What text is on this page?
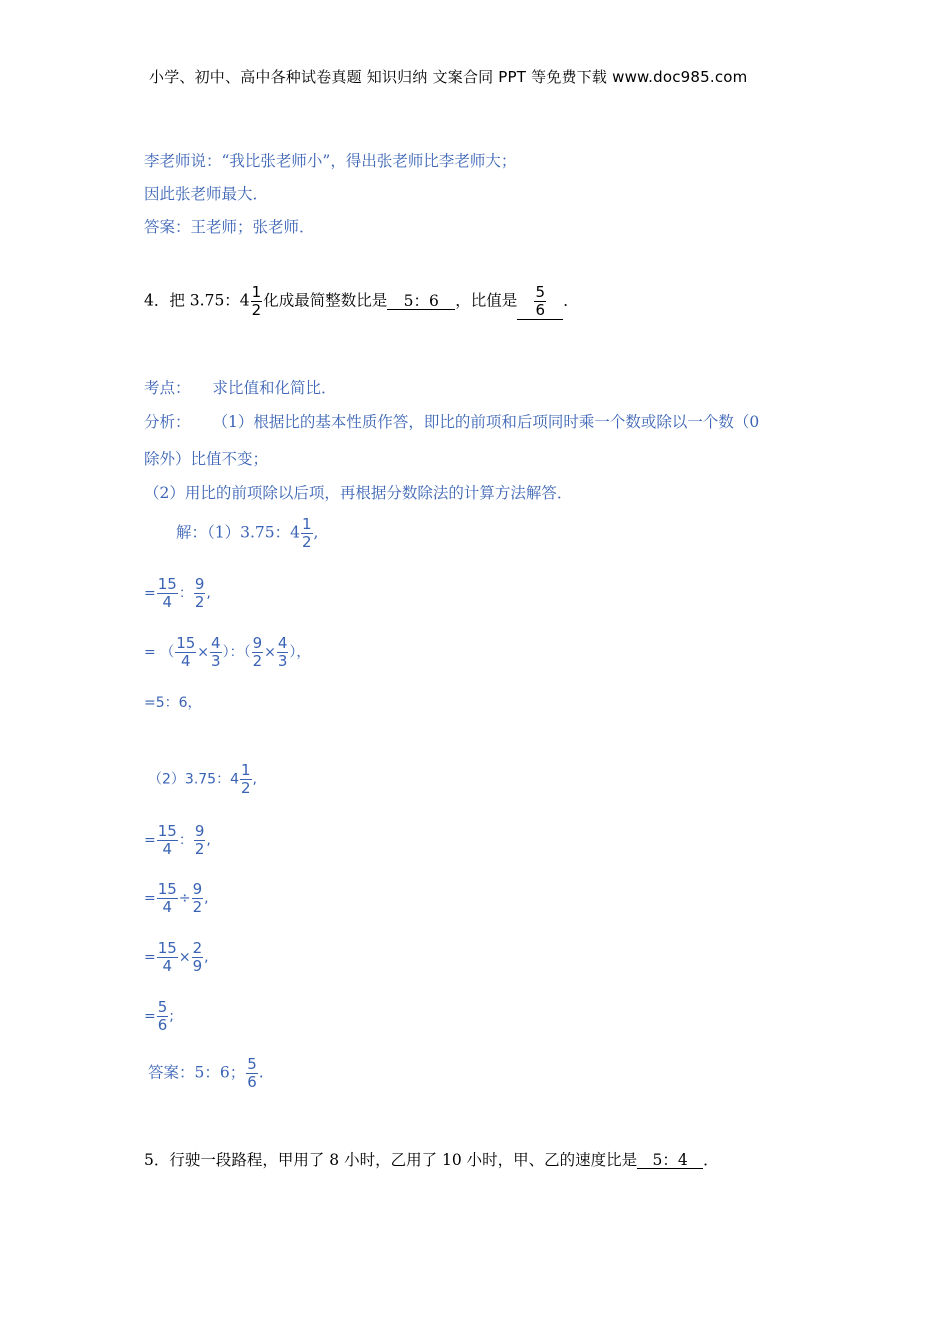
小学、初中、高中各种试卷真题 知识归纳 文案合同 PPT 等免费下载 www.doc985.com
李老师说：“我比张老师小”，得出张老师比李老师大；
因此张老师最大．
答案：王老师；张老师．
4．把 3.75：$4 \frac{1}{2}$ 化成最简整数比是 5：6 ，比值是 $\frac{5}{6}$ ．
考点： 求比值和化简比．
分析： （1）根据比的基本性质作答，即比的前项和后项同时乘一个数或除以一个数（0
除外）比值不变；
（2）用比的前项除以后项，再根据分数除法的计算方法解答．
解：（1）3.75：$4 \frac{1}{2}$ ,
= $\frac{15}{4}$ ： $\frac{9}{2}$ ,
= （ $\frac{15}{4} \times \frac{4}{3}$ ）：（ $\frac{9}{2} \times \frac{4}{3}$ ），
=5：6，
（2）3.75：$4 \frac{1}{2}$ ,
= $\frac{15}{4}$ ： $\frac{9}{2}$ ,
= $\frac{15}{4} \div \frac{9}{2}$ ,
= $\frac{15}{4} \times \frac{2}{9}$ ,
= $\frac{5}{6}$ ;
答案：5：6； $\frac{5}{6}$ .
5．行驶一段路程，甲用了 8 小时，乙用了 10 小时，甲、乙的速度比是 5：4 ．
